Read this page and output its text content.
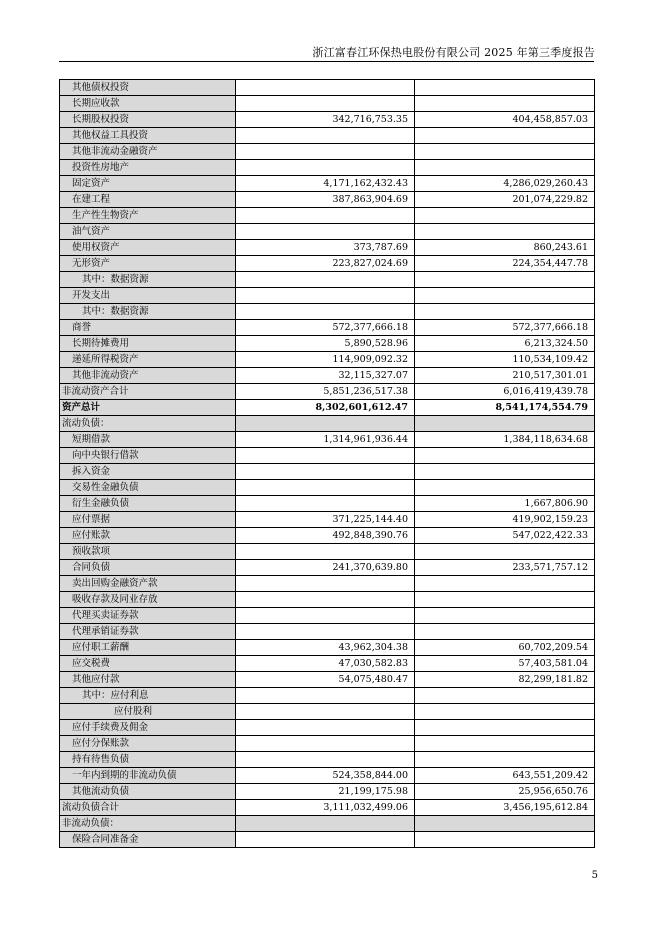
浙江富春江环保热电股份有限公司 2025 年第三季度报告
其他债权投资		
长期应收款		
长期股权投资	342,716,753.35	404,458,857.03
其他权益工具投资		
其他非流动金融资产		
投资性房地产		
固定资产	4,171,162,432.43	4,286,029,260.43
在建工程	387,863,904.69	201,074,229.82
生产性生物资产		
油气资产		
使用权资产	373,787.69	860,243.61
无形资产	223,827,024.69	224,354,447.78
其中：数据资源		
开发支出		
其中：数据资源		
商誉	572,377,666.18	572,377,666.18
长期待摊费用	5,890,528.96	6,213,324.50
递延所得税资产	114,909,092.32	110,534,109.42
其他非流动资产	32,115,327.07	210,517,301.01
非流动资产合计	5,851,236,517.38	6,016,419,439.78
资产总计	8,302,601,612.47	8,541,174,554.79
流动负债：		
短期借款	1,314,961,936.44	1,384,118,634.68
向中央银行借款		
拆入资金		
交易性金融负债		
衍生金融负债		1,667,806.90
应付票据	371,225,144.40	419,902,159.23
应付账款	492,848,390.76	547,022,422.33
预收款项		
合同负债	241,370,639.80	233,571,757.12
卖出回购金融资产款		
吸收存款及同业存放		
代理买卖证券款		
代理承销证券款		
应付职工薪酬	43,962,304.38	60,702,209.54
应交税费	47,030,582.83	57,403,581.04
其他应付款	54,075,480.47	82,299,181.82
其中：应付利息		
应付股利		
应付手续费及佣金		
应付分保账款		
持有待售负债		
一年内到期的非流动负债	524,358,844.00	643,551,209.42
其他流动负债	21,199,175.98	25,956,650.76
流动负债合计	3,111,032,499.06	3,456,195,612.84
非流动负债：		
保险合同准备金		
5
